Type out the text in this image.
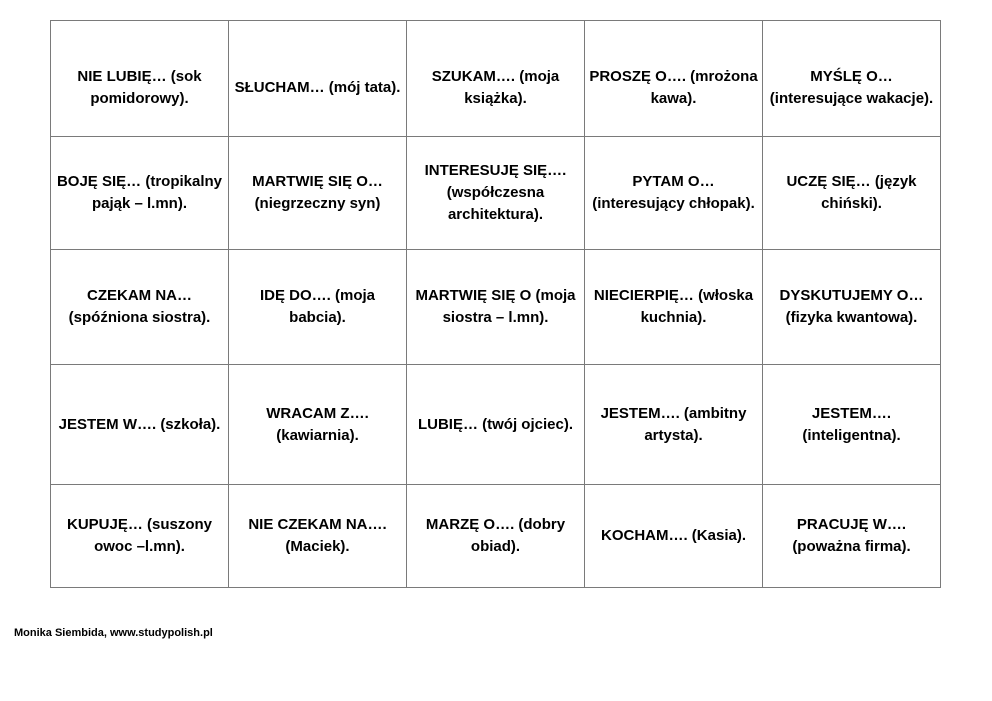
NIE LUBIĘ… (sok pomidorowy).	SŁUCHAM… (mój tata).	SZUKAM…. (moja książka).	PROSZĘ O…. (mrożona kawa).	MYŚLĘ O… (interesujące wakacje).

BOJĘ SIĘ… (tropikalny pająk – l.mn).	MARTWIĘ SIĘ O… (niegrzeczny syn)	INTERESUJĘ SIĘ…. (współczesna architektura).	PYTAM O… (interesujący chłopak).	UCZĘ SIĘ… (język chiński).

CZEKAM NA… (spóźniona siostra).	IDĘ DO…. (moja babcia).	MARTWIĘ SIĘ O (moja siostra – l.mn).	NIECIERPIĘ… (włoska kuchnia).	DYSKUTUJEMY O… (fizyka kwantowa).

JESTEM W…. (szkoła).	WRACAM Z…. (kawiarnia).	LUBIĘ… (twój ojciec).	JESTEM…. (ambitny artysta).	JESTEM…. (inteligentna).

KUPUJĘ… (suszony owoc –l.mn).	NIE CZEKAM NA…. (Maciek).	MARZĘ O…. (dobry obiad).	KOCHAM…. (Kasia).	PRACUJĘ W…. (poważna firma).
Monika Siembida, www.studypolish.pl
